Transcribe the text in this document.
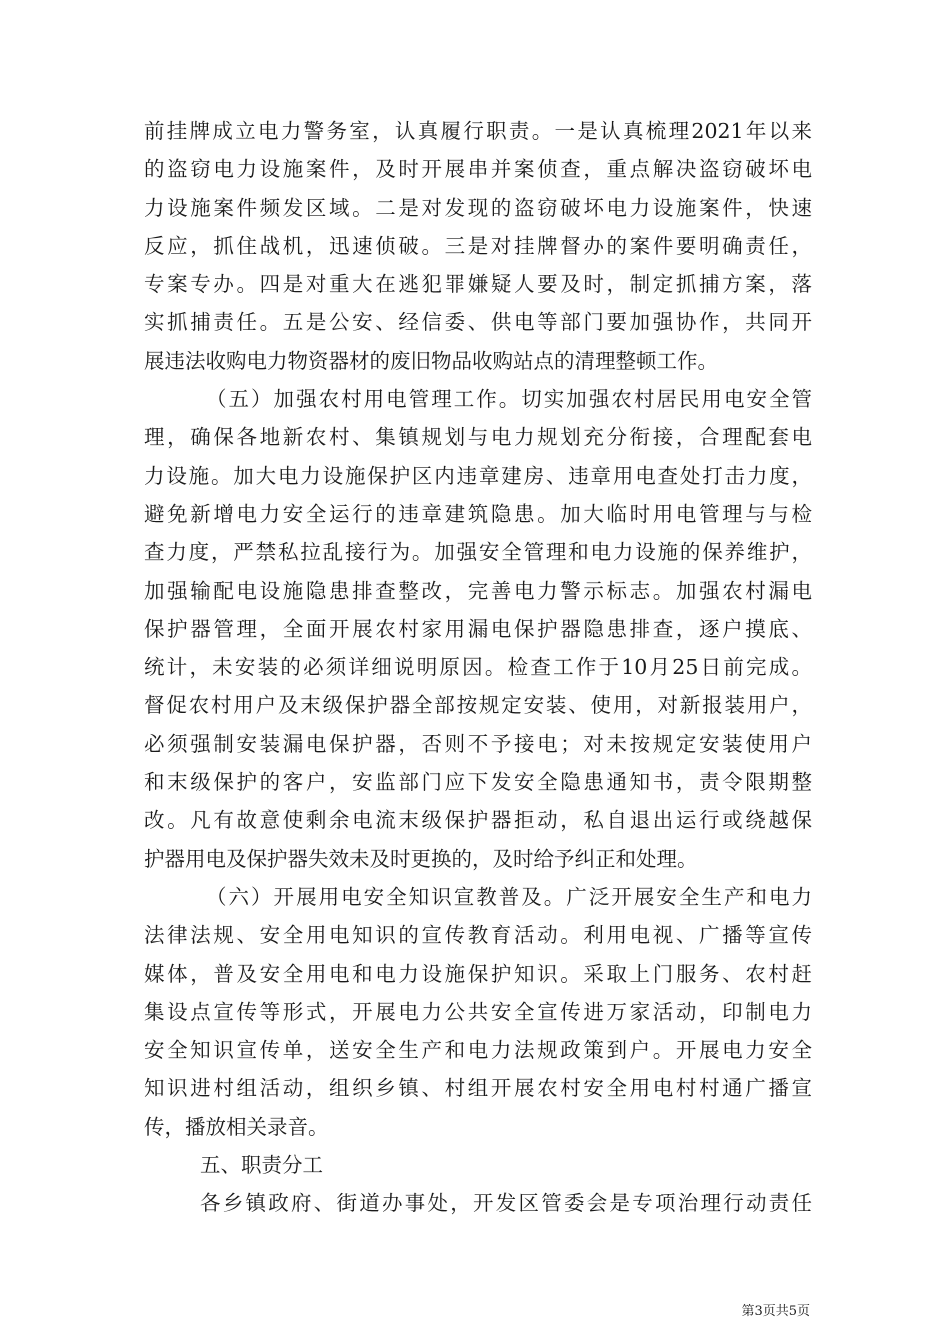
前挂牌成立电力警务室，认真履行职责。一是认真梳理2021年以来
的盗窃电力设施案件，及时开展串并案侦查，重点解决盗窃破坏电
力设施案件频发区域。二是对发现的盗窃破坏电力设施案件，快速
反应，抓住战机，迅速侦破。三是对挂牌督办的案件要明确责任，
专案专办。四是对重大在逃犯罪嫌疑人要及时，制定抓捕方案，落
实抓捕责任。五是公安、经信委、供电等部门要加强协作，共同开
展违法收购电力物资器材的废旧物品收购站点的清理整顿工作。
（五）加强农村用电管理工作。切实加强农村居民用电安全管
理，确保各地新农村、集镇规划与电力规划充分衔接，合理配套电
力设施。加大电力设施保护区内违章建房、违章用电查处打击力度，
避免新增电力安全运行的违章建筑隐患。加大临时用电管理与与检
查力度，严禁私拉乱接行为。加强安全管理和电力设施的保养维护，
加强输配电设施隐患排查整改，完善电力警示标志。加强农村漏电
保护器管理，全面开展农村家用漏电保护器隐患排查，逐户摸底、
统计，未安装的必须详细说明原因。检查工作于10月25日前完成。
督促农村用户及末级保护器全部按规定安装、使用，对新报装用户，
必须强制安装漏电保护器，否则不予接电；对未按规定安装使用户
和末级保护的客户，安监部门应下发安全隐患通知书，责令限期整
改。凡有故意使剩余电流末级保护器拒动，私自退出运行或绕越保
护器用电及保护器失效未及时更换的，及时给予纠正和处理。
（六）开展用电安全知识宣教普及。广泛开展安全生产和电力
法律法规、安全用电知识的宣传教育活动。利用电视、广播等宣传
媒体，普及安全用电和电力设施保护知识。采取上门服务、农村赶
集设点宣传等形式，开展电力公共安全宣传进万家活动，印制电力
安全知识宣传单，送安全生产和电力法规政策到户。开展电力安全
知识进村组活动，组织乡镇、村组开展农村安全用电村村通广播宣
传，播放相关录音。
五、职责分工
各乡镇政府、街道办事处，开发区管委会是专项治理行动责任
第3页共5页
